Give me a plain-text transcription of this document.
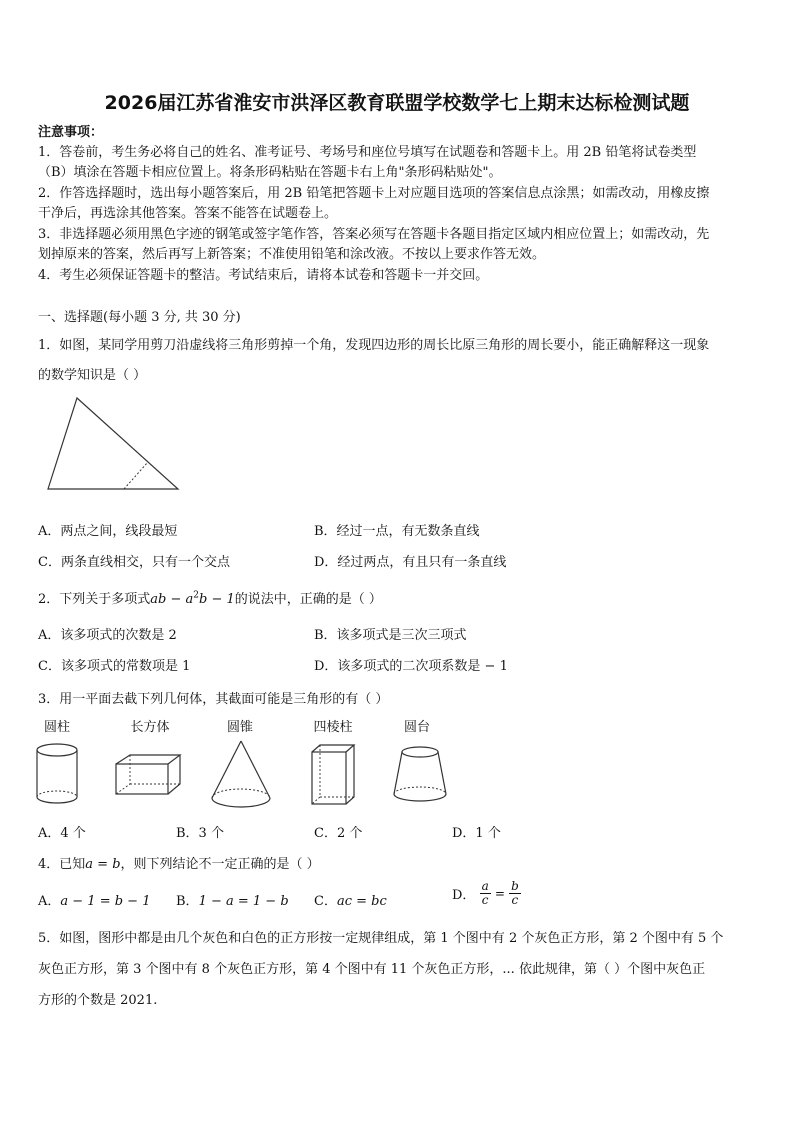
2026届江苏省淮安市洪泽区教育联盟学校数学七上期末达标检测试题
注意事项：
1．答卷前，考生务必将自己的姓名、准考证号、考场号和座位号填写在试题卷和答题卡上。用 2B 铅笔将试卷类型
（B）填涂在答题卡相应位置上。将条形码粘贴在答题卡右上角"条形码粘贴处"。
2．作答选择题时，选出每小题答案后，用 2B 铅笔把答题卡上对应题目选项的答案信息点涂黑；如需改动，用橡皮擦
干净后，再选涂其他答案。答案不能答在试题卷上。
3．非选择题必须用黑色字迹的钢笔或签字笔作答，答案必须写在答题卡各题目指定区域内相应位置上；如需改动，先
划掉原来的答案，然后再写上新答案；不准使用铅笔和涂改液。不按以上要求作答无效。
4．考生必须保证答题卡的整洁。考试结束后，请将本试卷和答题卡一并交回。
一、选择题(每小题 3 分, 共 30 分)
1．如图，某同学用剪刀沿虚线将三角形剪掉一个角，发现四边形的周长比原三角形的周长要小，能正确解释这一现象
的数学知识是（ ）
A．两点之间，线段最短	B．经过一点，有无数条直线
C．两条直线相交，只有一个交点	D．经过两点，有且只有一条直线
2．下列关于多项式ab − $a^2b - 1$的说法中，正确的是（ ）
A．该多项式的次数是 2	B．该多项式是三次三项式
C．该多项式的常数项是 1	D．该多项式的二次项系数是 − 1
3．用一平面去截下列几何体，其截面可能是三角形的有（ ）
圆柱	长方体	圆锥	四棱柱	圆台
A．4 个	B．3 个	C．2 个	D．1 个
4．已知a = b，则下列结论不一定正确的是（ ）
A．a − 1 = b − 1 B．1 − a = 1 − b C．ac = bc	D． $\frac{a}{c} = \frac{b}{c}$
5．如图，图形中都是由几个灰色和白色的正方形按一定规律组成，第 1 个图中有 2 个灰色正方形，第 2 个图中有 5 个
灰色正方形，第 3 个图中有 8 个灰色正方形，第 4 个图中有 11 个灰色正方形，... 依此规律，第（ ）个图中灰色正
方形的个数是 2021.
